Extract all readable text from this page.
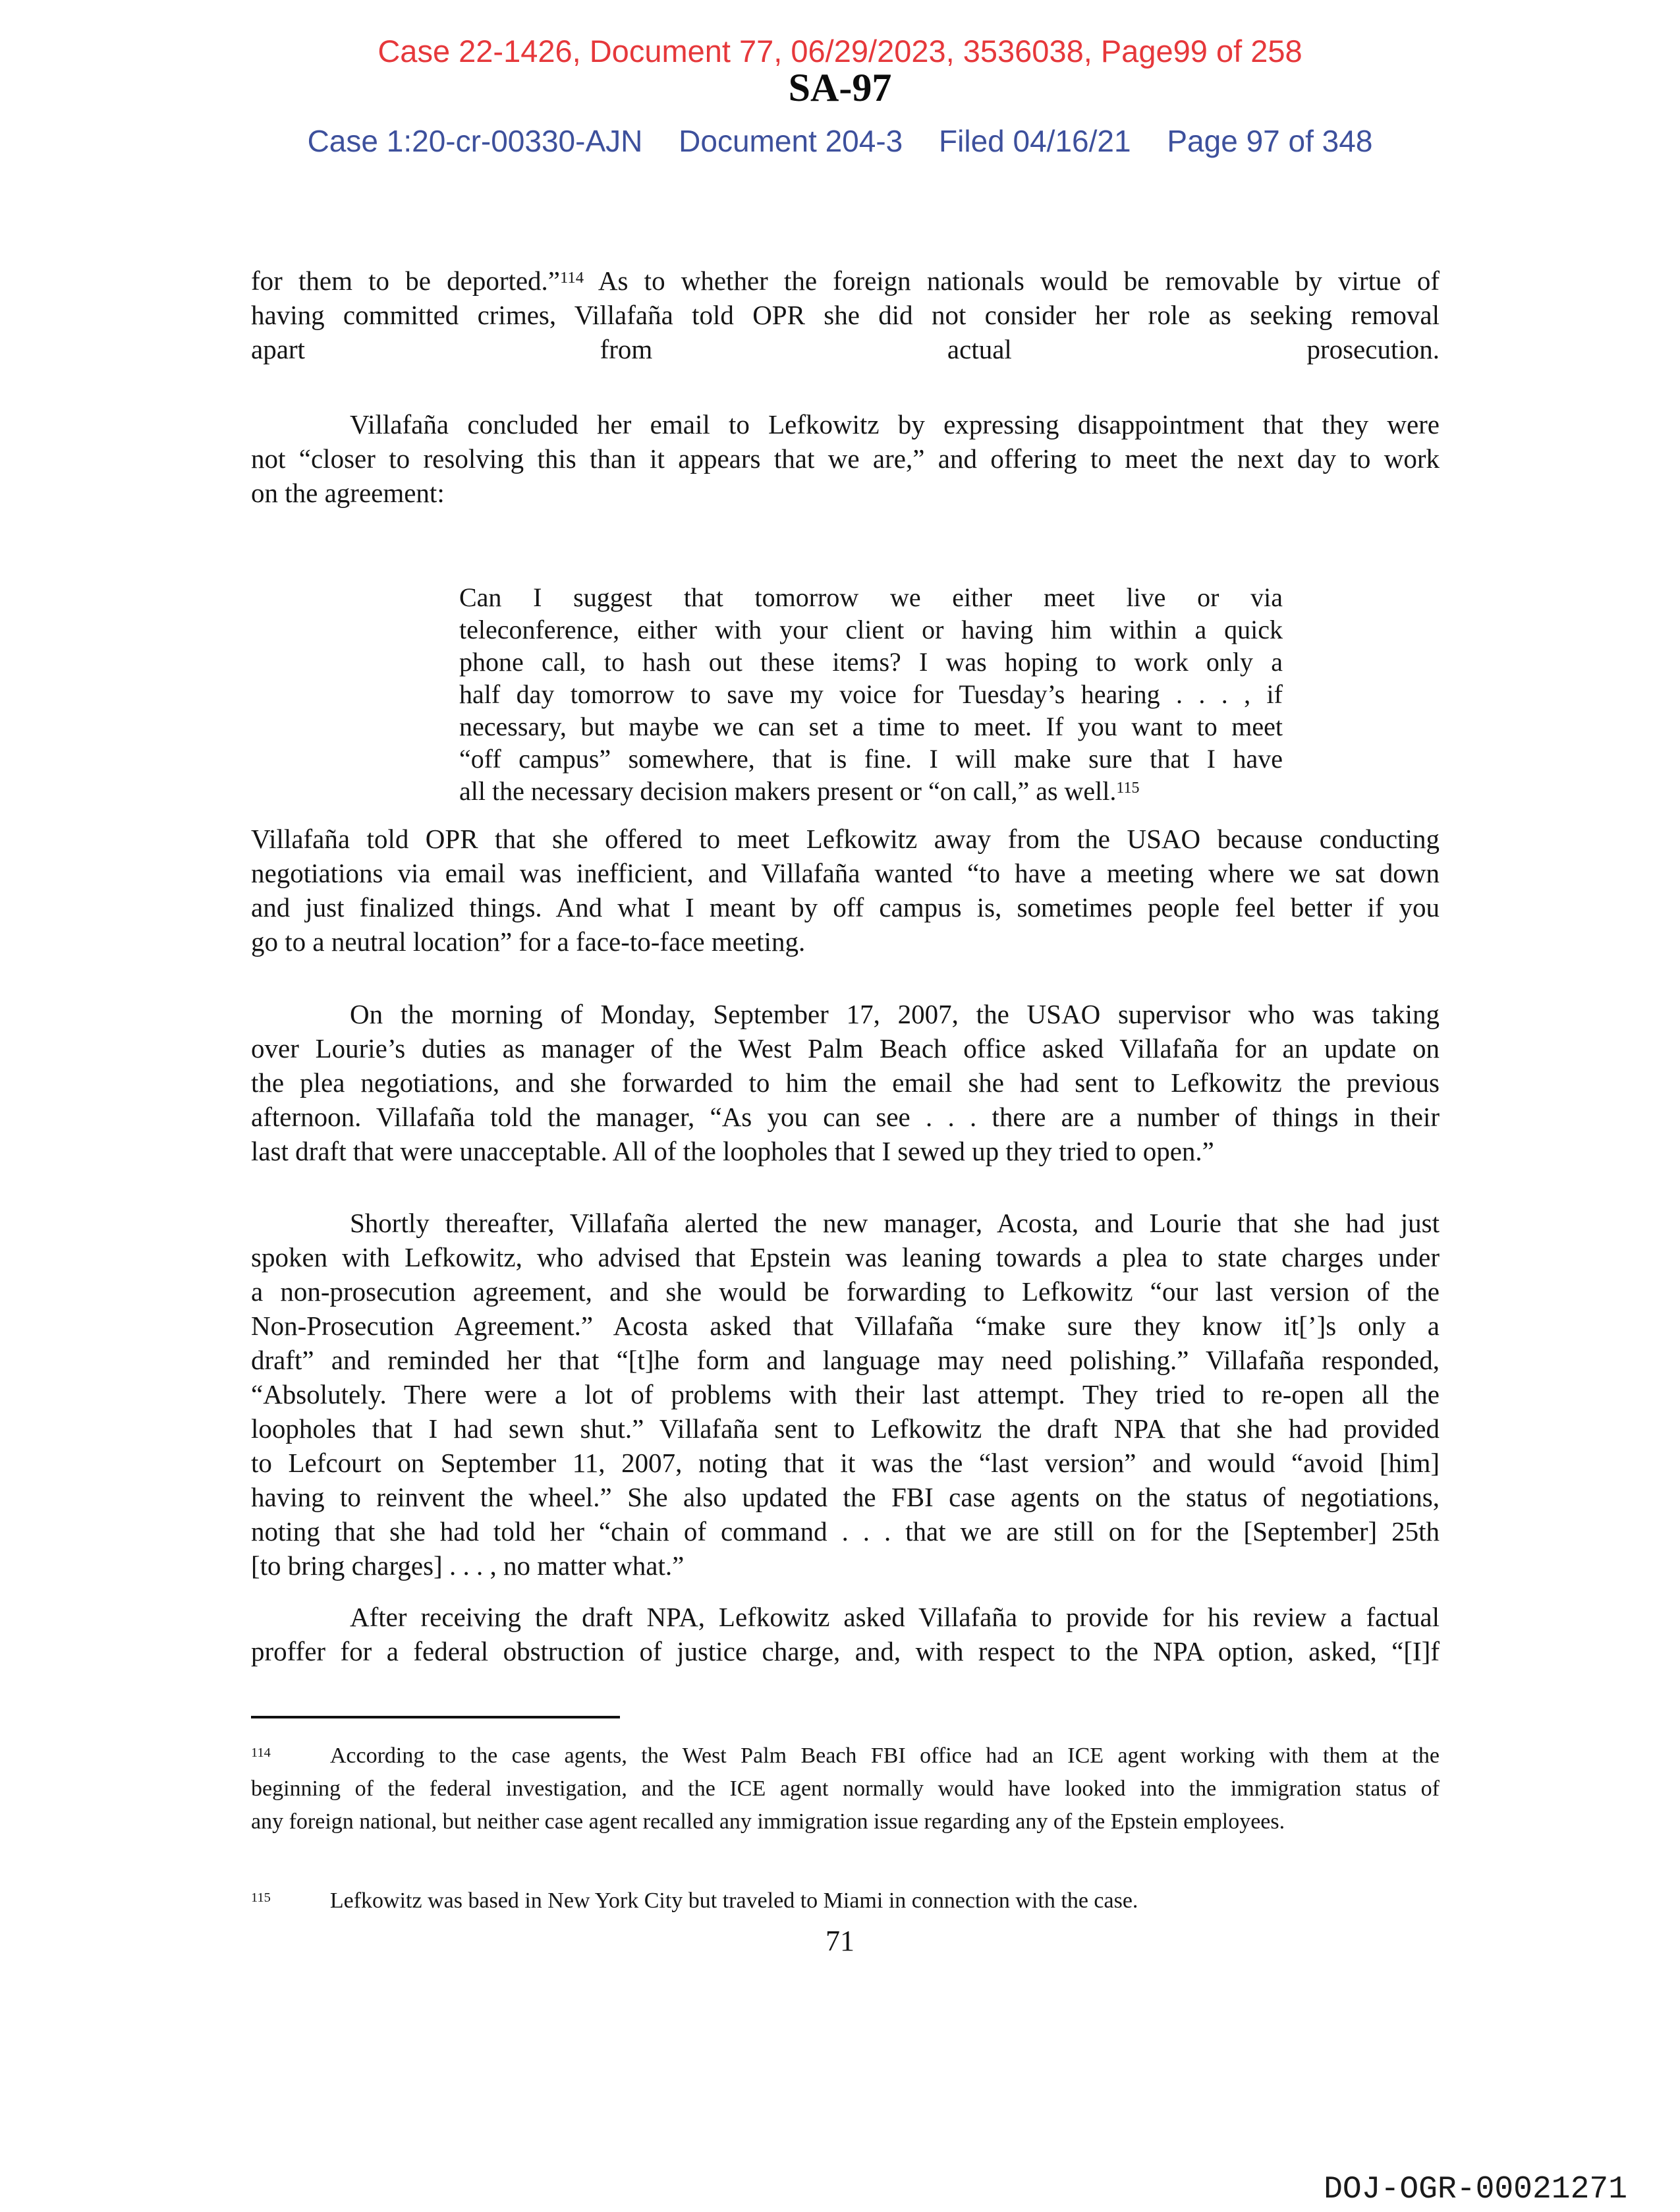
Case 22-1426, Document 77, 06/29/2023, 3536038, Page99 of 258
SA-97
Case 1:20-cr-00330-AJN Document 204-3 Filed 04/16/21 Page 97 of 348
for them to be deported.”$^{114}$ As to whether the foreign nationals would be removable by virtue of
having committed crimes, Villafaña told OPR she did not consider her role as seeking removal
apart from actual prosecution.
Villafaña concluded her email to Lefkowitz by expressing disappointment that they were
not “closer to resolving this than it appears that we are,” and offering to meet the next day to work
on the agreement:
Can I suggest that tomorrow we either meet live or via
teleconference, either with your client or having him within a quick
phone call, to hash out these items? I was hoping to work only a
half day tomorrow to save my voice for Tuesday’s hearing . . . , if
necessary, but maybe we can set a time to meet. If you want to meet
“off campus” somewhere, that is fine. I will make sure that I have
all the necessary decision makers present or “on call,” as well.$^{115}$
Villafaña told OPR that she offered to meet Lefkowitz away from the USAO because conducting
negotiations via email was inefficient, and Villafaña wanted “to have a meeting where we sat down
and just finalized things. And what I meant by off campus is, sometimes people feel better if you
go to a neutral location” for a face-to-face meeting.
On the morning of Monday, September 17, 2007, the USAO supervisor who was taking
over Lourie’s duties as manager of the West Palm Beach office asked Villafaña for an update on
the plea negotiations, and she forwarded to him the email she had sent to Lefkowitz the previous
afternoon. Villafaña told the manager, “As you can see . . . there are a number of things in their
last draft that were unacceptable. All of the loopholes that I sewed up they tried to open.”
Shortly thereafter, Villafaña alerted the new manager, Acosta, and Lourie that she had just
spoken with Lefkowitz, who advised that Epstein was leaning towards a plea to state charges under
a non-prosecution agreement, and she would be forwarding to Lefkowitz “our last version of the
Non-Prosecution Agreement.” Acosta asked that Villafaña “make sure they know it[’]s only a
draft” and reminded her that “[t]he form and language may need polishing.” Villafaña responded,
“Absolutely. There were a lot of problems with their last attempt. They tried to re-open all the
loopholes that I had sewn shut.” Villafaña sent to Lefkowitz the draft NPA that she had provided
to Lefcourt on September 11, 2007, noting that it was the “last version” and would “avoid [him]
having to reinvent the wheel.” She also updated the FBI case agents on the status of negotiations,
noting that she had told her “chain of command . . . that we are still on for the [September] 25th
[to bring charges] . . . , no matter what.”
After receiving the draft NPA, Lefkowitz asked Villafaña to provide for his review a factual
proffer for a federal obstruction of justice charge, and, with respect to the NPA option, asked, “[I]f
$^{114}$	According to the case agents, the West Palm Beach FBI office had an ICE agent working with them at the
beginning of the federal investigation, and the ICE agent normally would have looked into the immigration status of
any foreign national, but neither case agent recalled any immigration issue regarding any of the Epstein employees.
$^{115}$	Lefkowitz was based in New York City but traveled to Miami in connection with the case.
71
DOJ-OGR-00021271
